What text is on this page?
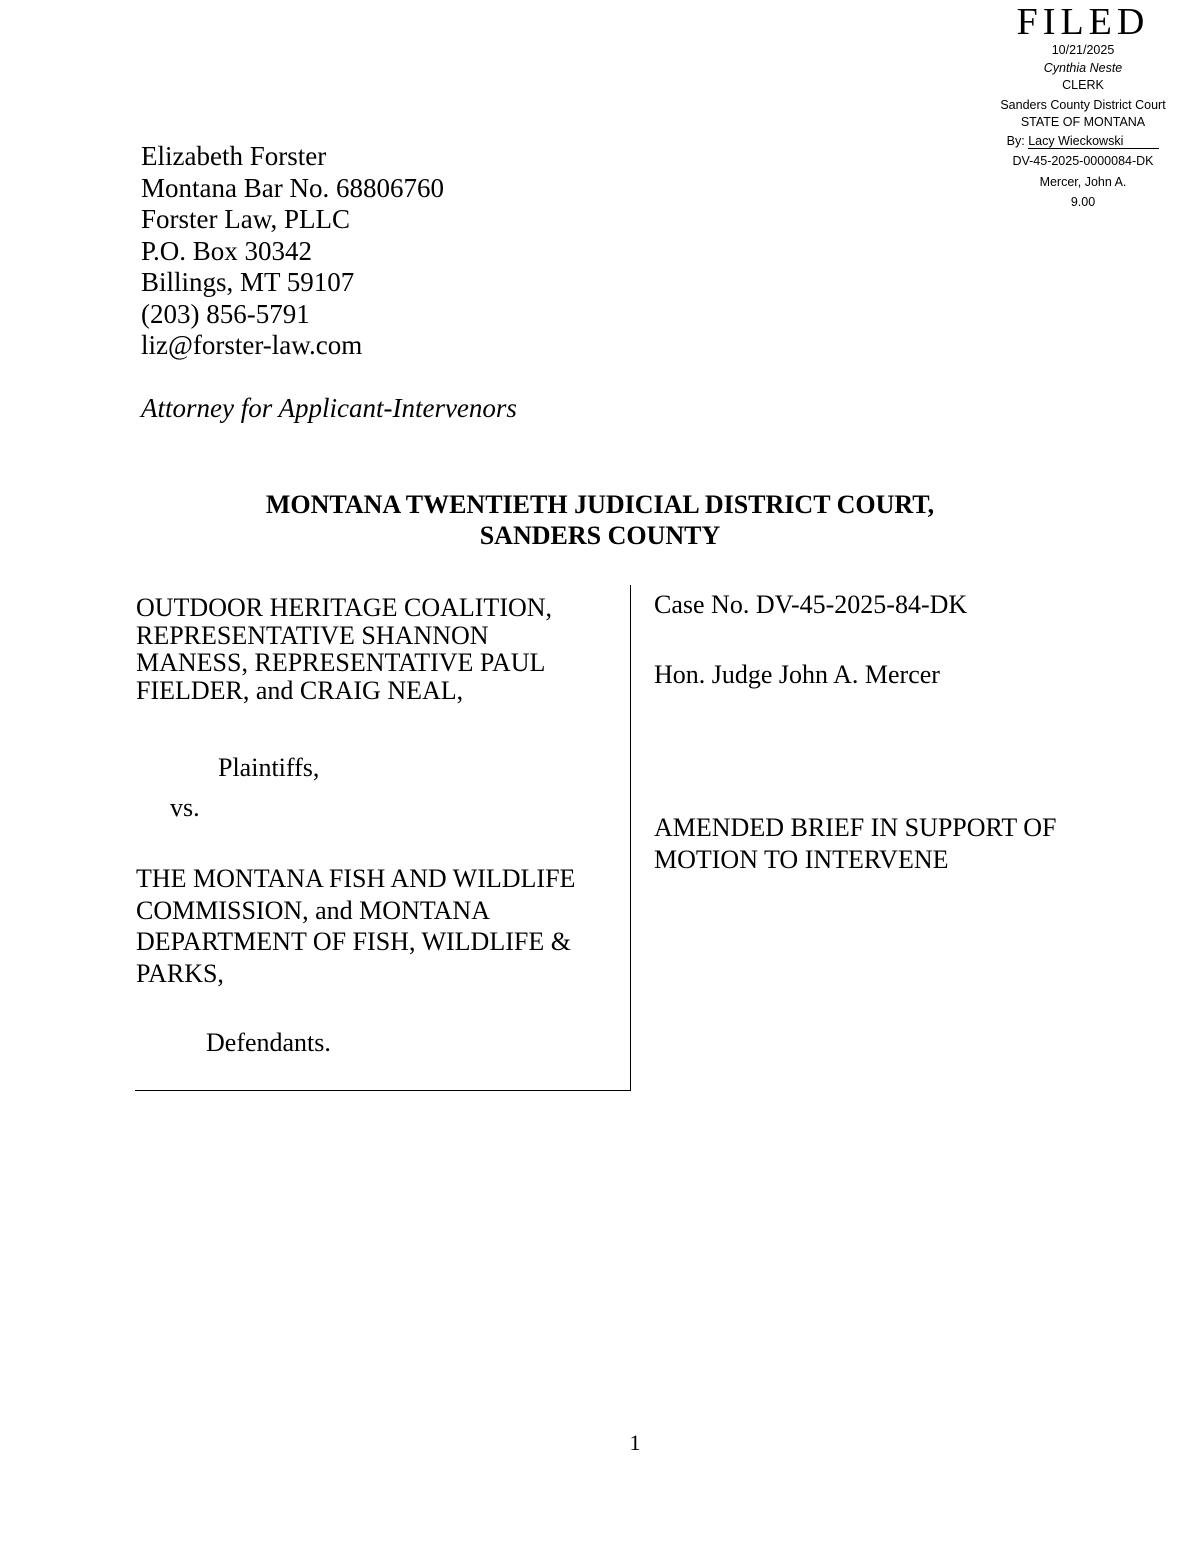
FILED
10/21/2025
Cynthia Neste
CLERK
Sanders County District Court
STATE OF MONTANA
By: Lacy Wieckowski
DV-45-2025-0000084-DK
Mercer, John A.
9.00
Elizabeth Forster
Montana Bar No. 68806760
Forster Law, PLLC
P.O. Box 30342
Billings, MT 59107
(203) 856-5791
liz@forster-law.com
Attorney for Applicant-Intervenors
MONTANA TWENTIETH JUDICIAL DISTRICT COURT,
SANDERS COUNTY
OUTDOOR HERITAGE COALITION,
REPRESENTATIVE SHANNON
MANESS, REPRESENTATIVE PAUL
FIELDER, and CRAIG NEAL,
Plaintiffs,
vs.
THE MONTANA FISH AND WILDLIFE
COMMISSION, and MONTANA
DEPARTMENT OF FISH, WILDLIFE &
PARKS,
Defendants.
Case No. DV-45-2025-84-DK
Hon. Judge John A. Mercer
AMENDED BRIEF IN SUPPORT OF
MOTION TO INTERVENE
1
